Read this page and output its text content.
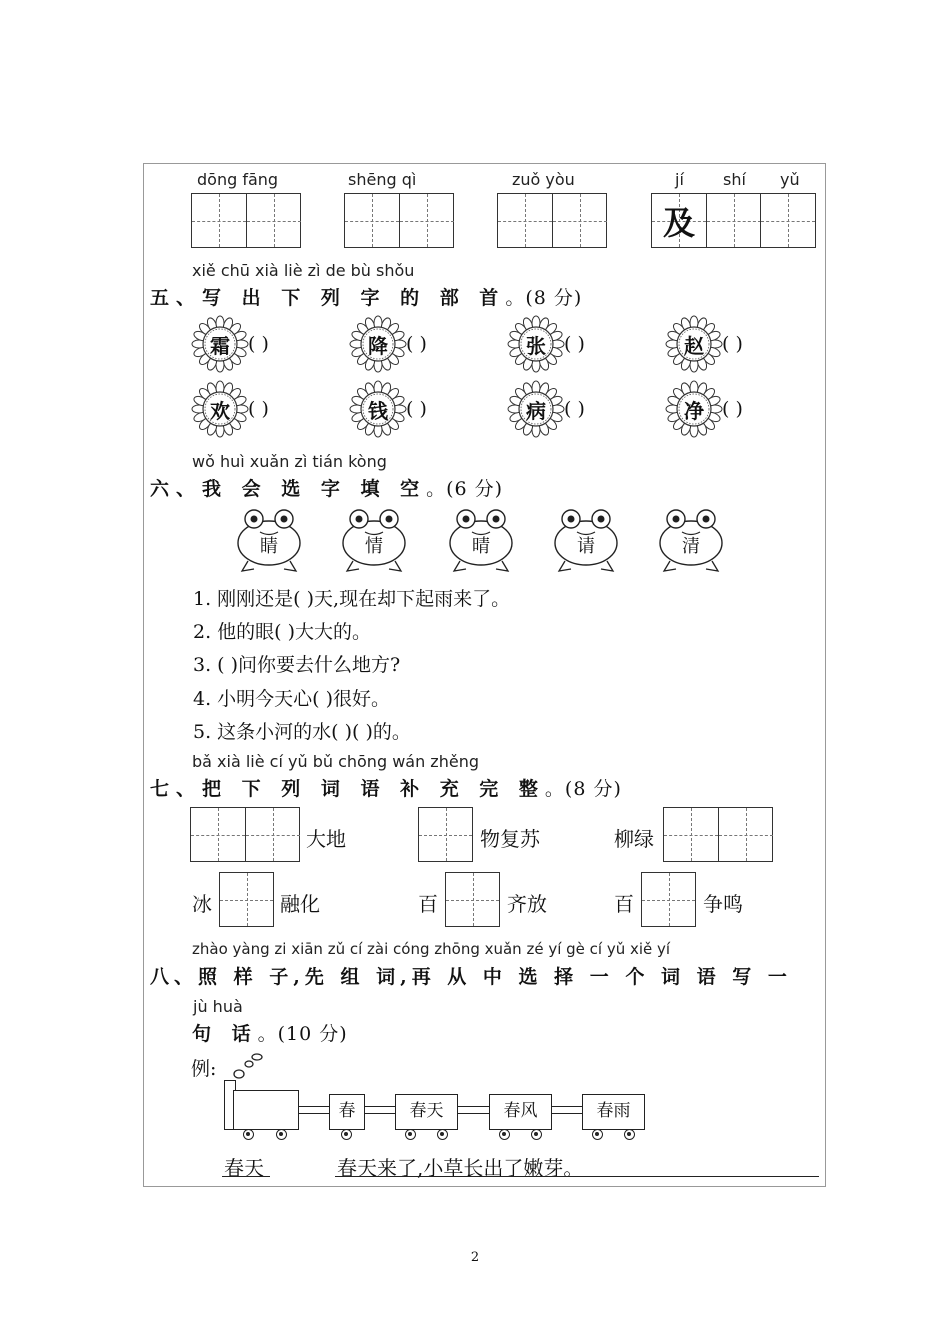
dōng fāng	shēng qì	zuǒ yòu	jí shí yǔ
及
xiě chū xià liè zì de bù shǒu
五、写 出 下 列 字 的 部 首。(8 分)
霜 ( )	降 ( )	张 ( )	赵 ( )
欢 ( )	钱 ( )	病 ( )	净 ( )
wǒ huì xuǎn zì tián kòng
六、我 会 选 字 填 空。(6 分)
睛	情	晴	请	清
1. 刚刚还是( )天,现在却下起雨来了。
2. 他的眼( )大大的。
3. ( )问你要去什么地方?
4. 小明今天心( )很好。
5. 这条小河的水( )( )的。
bǎ xià liè cí yǔ bǔ chōng wán zhěng
七、把 下 列 词 语 补 充 完 整。(8 分)
大地	物复苏	柳绿
冰	融化	百	齐放	百	争鸣
zhào yàng zi xiān zǔ cí zài cóng zhōng xuǎn zé yí gè cí yǔ xiě yí
八、照 样 子,先 组 词,再 从 中 选 择 一 个 词 语 写 一
jù huà
句 话。(10 分)
例:
春	春天	春风	春雨
春天	春天来了,小草长出了嫩芽。
2
